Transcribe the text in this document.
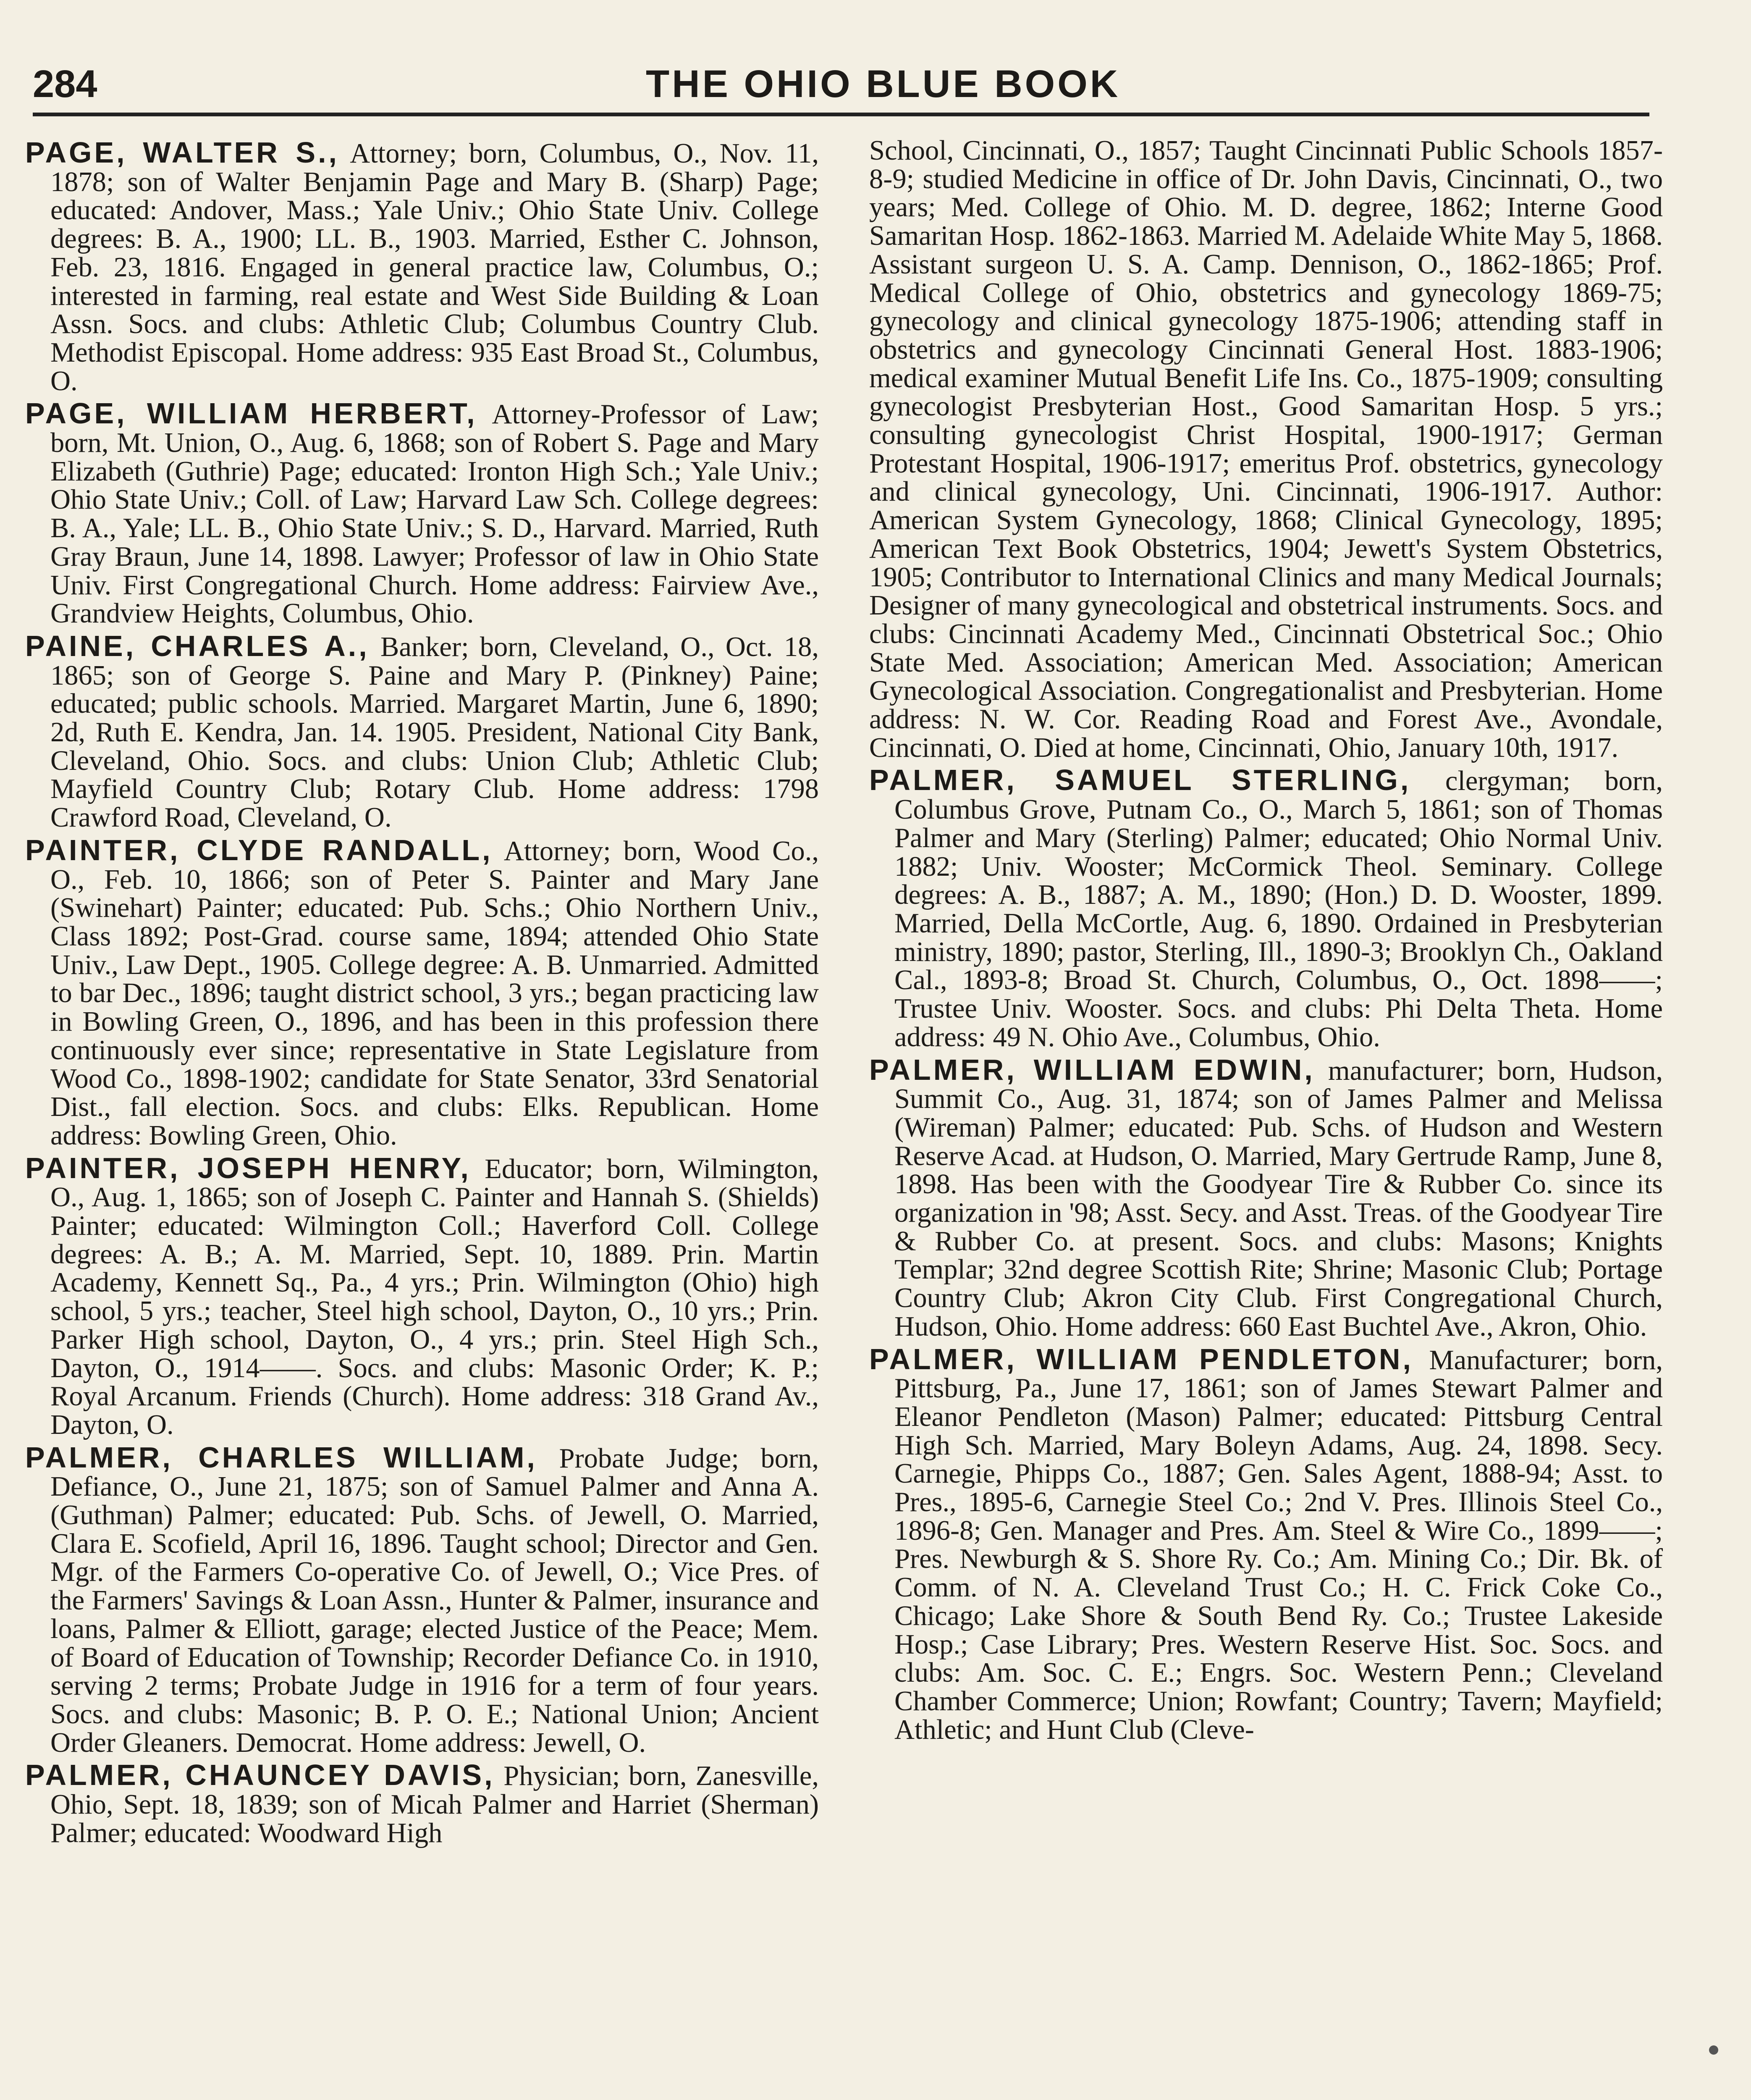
284	THE OHIO BLUE BOOK

PAGE, WALTER S., Attorney; born, Columbus, O., Nov. 11, 1878; son of Walter Benjamin Page and Mary B. (Sharp) Page; educated: Andover, Mass.; Yale Univ.; Ohio State Univ. College degrees: B. A., 1900; LL. B., 1903. Married, Esther C. Johnson, Feb. 23, 1816. Engaged in general practice law, Columbus, O.; interested in farming, real estate and West Side Building & Loan Assn. Socs. and clubs: Athletic Club; Columbus Country Club. Methodist Episcopal. Home address: 935 East Broad St., Columbus, O.

PAGE, WILLIAM HERBERT, Attorney-Professor of Law; born, Mt. Union, O., Aug. 6, 1868; son of Robert S. Page and Mary Elizabeth (Guthrie) Page; educated: Ironton High Sch.; Yale Univ.; Ohio State Univ.; Coll. of Law; Harvard Law Sch. College degrees: B. A., Yale; LL. B., Ohio State Univ.; S. D., Harvard. Married, Ruth Gray Braun, June 14, 1898. Lawyer; Professor of law in Ohio State Univ. First Congregational Church. Home address: Fairview Ave., Grandview Heights, Columbus, Ohio.

PAINE, CHARLES A., Banker; born, Cleveland, O., Oct. 18, 1865; son of George S. Paine and Mary P. (Pinkney) Paine; educated; public schools. Married. Margaret Martin, June 6, 1890; 2d, Ruth E. Kendra, Jan. 14. 1905. President, National City Bank, Cleveland, Ohio. Socs. and clubs: Union Club; Athletic Club; Mayfield Country Club; Rotary Club. Home address: 1798 Crawford Road, Cleveland, O.

PAINTER, CLYDE RANDALL, Attorney; born, Wood Co., O., Feb. 10, 1866; son of Peter S. Painter and Mary Jane (Swinehart) Painter; educated: Pub. Schs.; Ohio Northern Univ., Class 1892; Post-Grad. course same, 1894; attended Ohio State Univ., Law Dept., 1905. College degree: A. B. Unmarried. Admitted to bar Dec., 1896; taught district school, 3 yrs.; began practicing law in Bowling Green, O., 1896, and has been in this profession there continuously ever since; representative in State Legislature from Wood Co., 1898-1902; candidate for State Senator, 33rd Senatorial Dist., fall election. Socs. and clubs: Elks. Republican. Home address: Bowling Green, Ohio.

PAINTER, JOSEPH HENRY, Educator; born, Wilmington, O., Aug. 1, 1865; son of Joseph C. Painter and Hannah S. (Shields) Painter; educated: Wilmington Coll.; Haverford Coll. College degrees: A. B.; A. M. Married, Sept. 10, 1889. Prin. Martin Academy, Kennett Sq., Pa., 4 yrs.; Prin. Wilmington (Ohio) high school, 5 yrs.; teacher, Steel high school, Dayton, O., 10 yrs.; Prin. Parker High school, Dayton, O., 4 yrs.; prin. Steel High Sch., Dayton, O., 1914——. Socs. and clubs: Masonic Order; K. P.; Royal Arcanum. Friends (Church). Home address: 318 Grand Av., Dayton, O.

PALMER, CHARLES WILLIAM, Probate Judge; born, Defiance, O., June 21, 1875; son of Samuel Palmer and Anna A. (Guthman) Palmer; educated: Pub. Schs. of Jewell, O. Married, Clara E. Scofield, April 16, 1896. Taught school; Director and Gen. Mgr. of the Farmers Co-operative Co. of Jewell, O.; Vice Pres. of the Farmers' Savings & Loan Assn., Hunter & Palmer, insurance and loans, Palmer & Elliott, garage; elected Justice of the Peace; Mem. of Board of Education of Township; Recorder Defiance Co. in 1910, serving 2 terms; Probate Judge in 1916 for a term of four years. Socs. and clubs: Masonic; B. P. O. E.; National Union; Ancient Order Gleaners. Democrat. Home address: Jewell, O.

PALMER, CHAUNCEY DAVIS, Physician; born, Zanesville, Ohio, Sept. 18, 1839; son of Micah Palmer and Harriet (Sherman) Palmer; educated: Woodward High

School, Cincinnati, O., 1857; Taught Cincinnati Public Schools 1857-8-9; studied Medicine in office of Dr. John Davis, Cincinnati, O., two years; Med. College of Ohio. M. D. degree, 1862; Interne Good Samaritan Hosp. 1862-1863. Married M. Adelaide White May 5, 1868. Assistant surgeon U. S. A. Camp. Dennison, O., 1862-1865; Prof. Medical College of Ohio, obstetrics and gynecology 1869-75; gynecology and clinical gynecology 1875-1906; attending staff in obstetrics and gynecology Cincinnati General Host. 1883-1906; medical examiner Mutual Benefit Life Ins. Co., 1875-1909; consulting gynecologist Presbyterian Host., Good Samaritan Hosp. 5 yrs.; consulting gynecologist Christ Hospital, 1900-1917; German Protestant Hospital, 1906-1917; emeritus Prof. obstetrics, gynecology and clinical gynecology, Uni. Cincinnati, 1906-1917. Author: American System Gynecology, 1868; Clinical Gynecology, 1895; American Text Book Obstetrics, 1904; Jewett's System Obstetrics, 1905; Contributor to International Clinics and many Medical Journals; Designer of many gynecological and obstetrical instruments. Socs. and clubs: Cincinnati Academy Med., Cincinnati Obstetrical Soc.; Ohio State Med. Association; American Med. Association; American Gynecological Association. Congregationalist and Presbyterian. Home address: N. W. Cor. Reading Road and Forest Ave., Avondale, Cincinnati, O. Died at home, Cincinnati, Ohio, January 10th, 1917.

PALMER, SAMUEL STERLING, clergyman; born, Columbus Grove, Putnam Co., O., March 5, 1861; son of Thomas Palmer and Mary (Sterling) Palmer; educated; Ohio Normal Univ. 1882; Univ. Wooster; McCormick Theol. Seminary. College degrees: A. B., 1887; A. M., 1890; (Hon.) D. D. Wooster, 1899. Married, Della McCortle, Aug. 6, 1890. Ordained in Presbyterian ministry, 1890; pastor, Sterling, Ill., 1890-3; Brooklyn Ch., Oakland Cal., 1893-8; Broad St. Church, Columbus, O., Oct. 1898——; Trustee Univ. Wooster. Socs. and clubs: Phi Delta Theta. Home address: 49 N. Ohio Ave., Columbus, Ohio.

PALMER, WILLIAM EDWIN, manufacturer; born, Hudson, Summit Co., Aug. 31, 1874; son of James Palmer and Melissa (Wireman) Palmer; educated: Pub. Schs. of Hudson and Western Reserve Acad. at Hudson, O. Married, Mary Gertrude Ramp, June 8, 1898. Has been with the Goodyear Tire & Rubber Co. since its organization in '98; Asst. Secy. and Asst. Treas. of the Goodyear Tire & Rubber Co. at present. Socs. and clubs: Masons; Knights Templar; 32nd degree Scottish Rite; Shrine; Masonic Club; Portage Country Club; Akron City Club. First Congregational Church, Hudson, Ohio. Home address: 660 East Buchtel Ave., Akron, Ohio.

PALMER, WILLIAM PENDLETON, Manufacturer; born, Pittsburg, Pa., June 17, 1861; son of James Stewart Palmer and Eleanor Pendleton (Mason) Palmer; educated: Pittsburg Central High Sch. Married, Mary Boleyn Adams, Aug. 24, 1898. Secy. Carnegie, Phipps Co., 1887; Gen. Sales Agent, 1888-94; Asst. to Pres., 1895-6, Carnegie Steel Co.; 2nd V. Pres. Illinois Steel Co., 1896-8; Gen. Manager and Pres. Am. Steel & Wire Co., 1899——; Pres. Newburgh & S. Shore Ry. Co.; Am. Mining Co.; Dir. Bk. of Comm. of N. A. Cleveland Trust Co.; H. C. Frick Coke Co., Chicago; Lake Shore & South Bend Ry. Co.; Trustee Lakeside Hosp.; Case Library; Pres. Western Reserve Hist. Soc. Socs. and clubs: Am. Soc. C. E.; Engrs. Soc. Western Penn.; Cleveland Chamber Commerce; Union; Rowfant; Country; Tavern; Mayfield; Athletic; and Hunt Club (Cleve-
